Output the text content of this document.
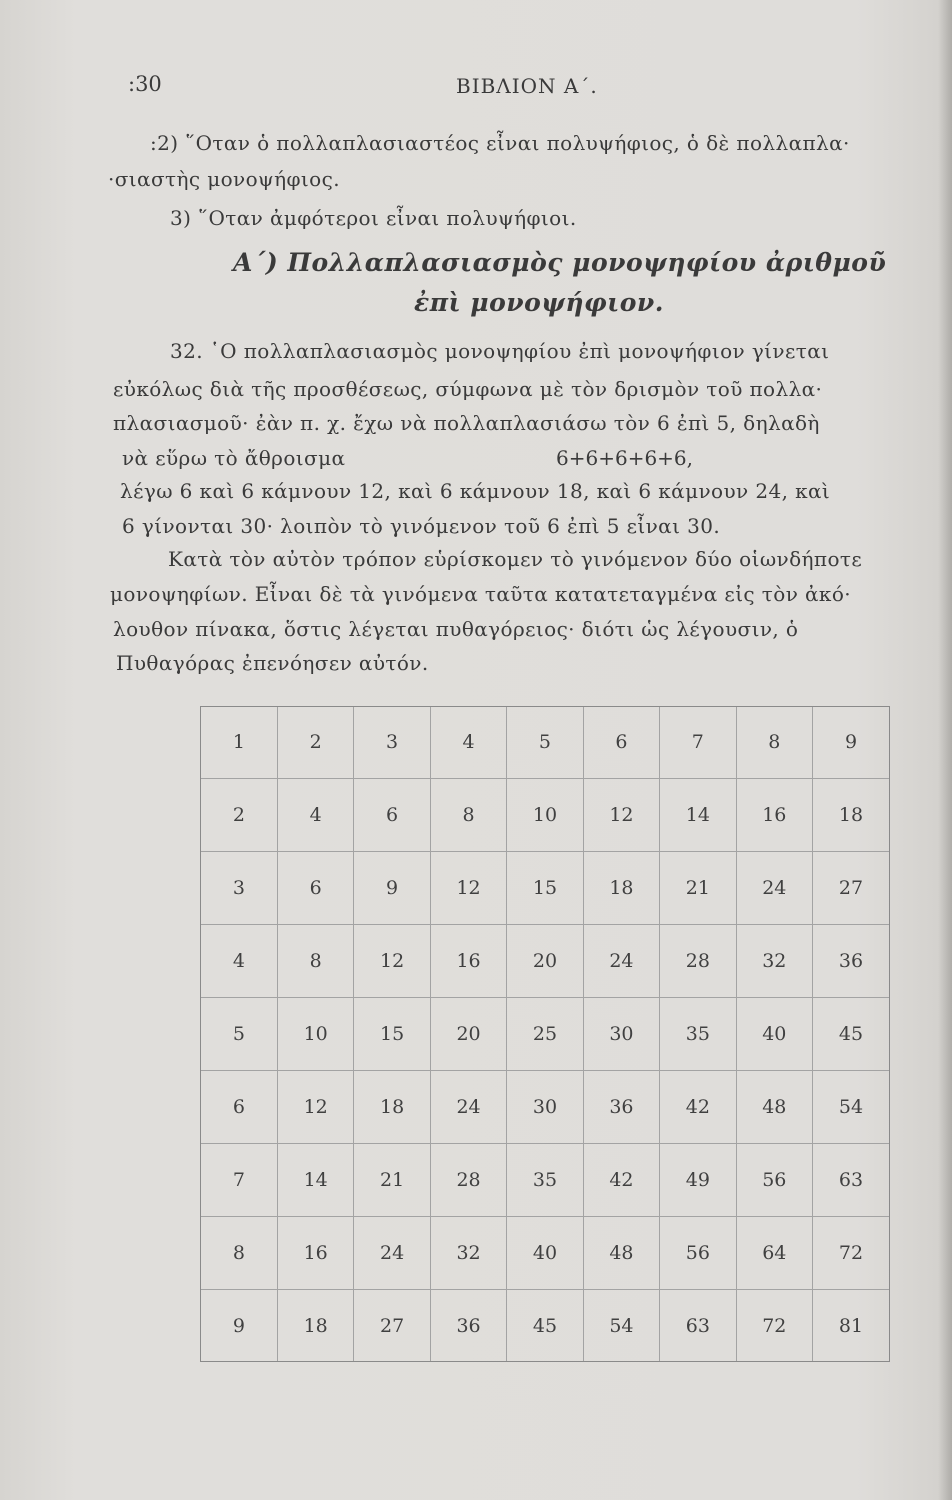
:30	ΒΙΒΛΙΟΝ Α΄.
:2) ῞Οταν ὁ πολλαπλασιαστέος εἶναι πολυψήφιος, ὁ δὲ πολλαπλα·
·σιαστὴς μονοψήφιος.
3) ῞Οταν ἀμφότεροι εἶναι πολυψήφιοι.
Α΄) Πολλαπλασιασμὸς μονοψηφίου ἀριθμοῦ
ἐπὶ μονοψήφιον.
32. ῾Ο πολλαπλασιασμὸς μονοψηφίου ἐπὶ μονοψήφιον γίνεται
εὐκόλως διὰ τῆς προσθέσεως, σύμφωνα μὲ τὸν δρισμὸν τοῦ πολλα·
πλασιασμοῦ· ἐὰν π. χ. ἔχω νὰ πολλαπλασιάσω τὸν 6 ἐπὶ 5, δηλαδὴ
νὰ εὕρω τὸ ἄθροισμα	6+6+6+6+6,
λέγω 6 καὶ 6 κάμνουν 12, καὶ 6 κάμνουν 18, καὶ 6 κάμνουν 24, καὶ
6 γίνονται 30· λοιπὸν τὸ γινόμενον τοῦ 6 ἐπὶ 5 εἶναι 30.
Κατὰ τὸν αὐτὸν τρόπον εὑρίσκομεν τὸ γινόμενον δύο οἱωνδήποτε
μονοψηφίων. Εἶναι δὲ τὰ γινόμενα ταῦτα κατατεταγμένα εἰς τὸν ἀκό·
λουθον πίνακα, ὅστις λέγεται πυθαγόρειος· διότι ὡς λέγουσιν, ὁ
Πυθαγόρας ἐπενόησεν αὐτόν.
1	2	3	4	5	6	7	8	9
2	4	6	8	10	12	14	16	18
3	6	9	12	15	18	21	24	27
4	8	12	16	20	24	28	32	36
5	10	15	20	25	30	35	40	45
6	12	18	24	30	36	42	48	54
7	14	21	28	35	42	49	56	63
8	16	24	32	40	48	56	64	72
9	18	27	36	45	54	63	72	81
